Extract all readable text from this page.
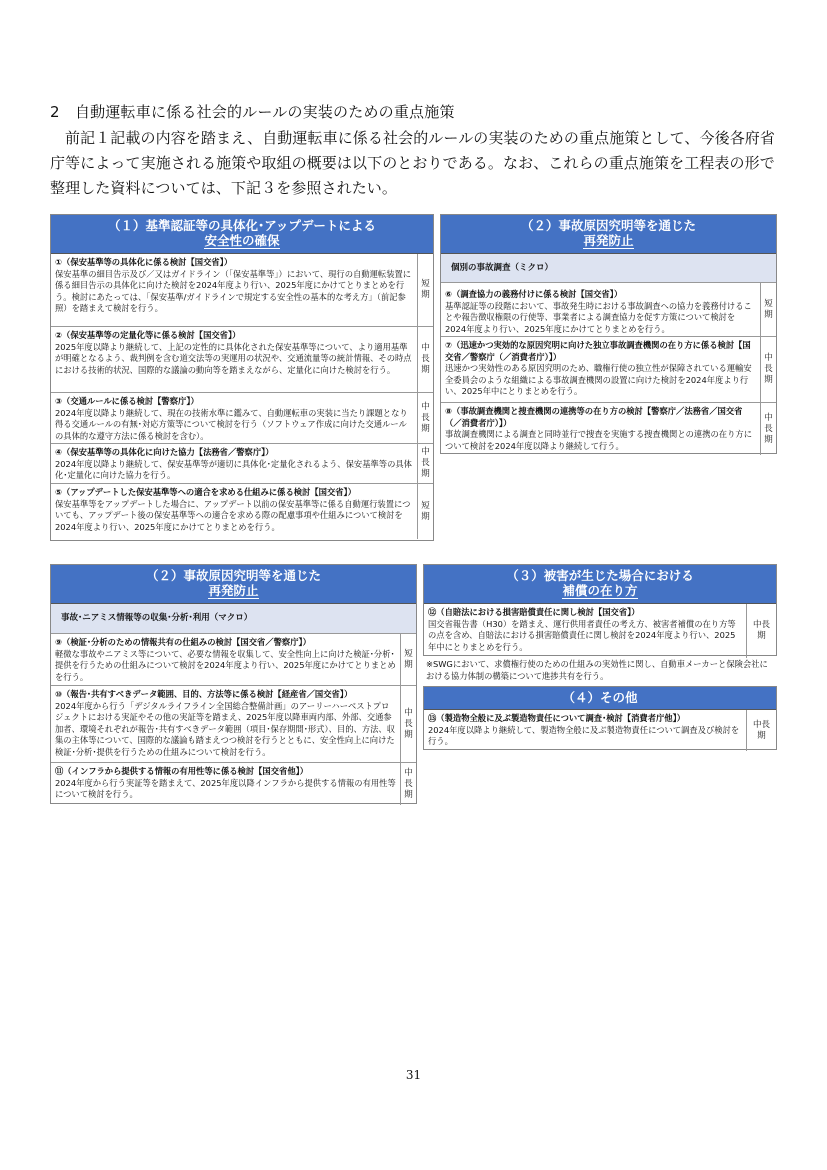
2　自動運転車に係る社会的ルールの実装のための重点施策
前記１記載の内容を踏まえ、自動運転車に係る社会的ルールの実装のための重点施策として、今後各府省庁等によって実施される施策や取組の概要は以下のとおりである。なお、これらの重点施策を工程表の形で整理した資料については、下記３を参照されたい。
（１）基準認証等の具体化･アップデートによる
安全性の確保
①（保安基準等の具体化に係る検討【国交省】）
保安基準の細目告示及び／又はガイドライン（「保安基準等」）において、現行の自動運転装置に係る細目告示の具体化に向けた検討を2024年度より行い、2025年度にかけてとりまとめを行う。検討にあたっては、「保安基準/ガイドラインで規定する安全性の基本的な考え方」（前記参照）を踏まえて検討を行う。
短期
②（保安基準等の定量化等に係る検討【国交省】）
2025年度以降より継続して、上記の定性的に具体化された保安基準等について、より適用基準が明確となるよう、裁判例を含む道交法等の実運用の状況や、交通流量等の統計情報、その時点における技術的状況、国際的な議論の動向等を踏まえながら、定量化に向けた検討を行う。
中長期
③（交通ルールに係る検討【警察庁】）
2024年度以降より継続して、現在の技術水準に鑑みて、自動運転車の実装に当たり課題となり得る交通ルールの有無･対応方策等について検討を行う（ソフトウェア作成に向けた交通ルールの具体的な遵守方法に係る検討を含む）。
中長期
④（保安基準等の具体化に向けた協力【法務省／警察庁】）
2024年度以降より継続して、保安基準等が適切に具体化･定量化されるよう、保安基準等の具体化･定量化に向けた協力を行う。
中長期
⑤（アップデートした保安基準等への適合を求める仕組みに係る検討【国交省】）
保安基準等をアップデートした場合に、アップデート以前の保安基準等に係る自動運行装置についても、アップデート後の保安基準等への適合を求める際の配慮事項や仕組みについて検討を2024年度より行い、2025年度にかけてとりまとめを行う。
短期
（２）事故原因究明等を通じた
再発防止
個別の事故調査（ミクロ）
⑥（調査協力の義務付けに係る検討【国交省】）
基準認証等の段階において、事故発生時における事故調査への協力を義務付けることや報告徴収権限の行使等、事業者による調査協力を促す方策について検討を2024年度より行い、2025年度にかけてとりまとめを行う。
短期
⑦（迅速かつ実効的な原因究明に向けた独立事故調査機関の在り方に係る検討【国交省／警察庁（／消費者庁）】）
迅速かつ実効性のある原因究明のため、職権行使の独立性が保障されている運輸安全委員会のような組織による事故調査機関の設置に向けた検討を2024年度より行い、2025年中にとりまとめを行う。
中長期
⑧（事故調査機関と捜査機関の連携等の在り方の検討【警察庁／法務省／国交省（／消費者庁）】）
事故調査機関による調査と同時並行で捜査を実施する捜査機関との連携の在り方について検討を2024年度以降より継続して行う。
中長期
（２）事故原因究明等を通じた
再発防止
事故･ニアミス情報等の収集･分析･利用（マクロ）
⑨（検証･分析のための情報共有の仕組みの検討【国交省／警察庁】）
軽微な事故やニアミス等について、必要な情報を収集して、安全性向上に向けた検証･分析･提供を行うための仕組みについて検討を2024年度より行い、2025年度にかけてとりまとめを行う。
短期
⑩（報告･共有すべきデータ範囲、目的、方法等に係る検討【経産省／国交省】）
2024年度から行う「デジタルライフライン全国総合整備計画」のアーリーハーベストプロジェクトにおける実証やその他の実証等を踏まえ、2025年度以降車両内部、外部、交通参加者、環境それぞれが報告･共有すべきデータ範囲（項目･保存期間･形式）、目的、方法、収集の主体等について、国際的な議論も踏まえつつ検討を行うとともに、安全性向上に向けた検証･分析･提供を行うための仕組みについて検討を行う。
中長期
⑪（インフラから提供する情報の有用性等に係る検討【国交省他】）
2024年度から行う実証等を踏まえて、2025年度以降インフラから提供する情報の有用性等について検討を行う。
中長期
（３）被害が生じた場合における
補償の在り方
⑫（自賠法における損害賠償責任に関し検討【国交省】）
国交省報告書（H30）を踏まえ、運行供用者責任の考え方、被害者補償の在り方等の点を含め、自賠法における損害賠償責任に関し検討を2024年度より行い、2025年中にとりまとめを行う。
中長期
※SWGにおいて、求償権行使のための仕組みの実効性に関し、自動車メーカーと保険会社における協力体制の構築について進捗共有を行う。
（４）その他
⑬（製造物全般に及ぶ製造物責任について調査･検討【消費者庁他】）
2024年度以降より継続して、製造物全般に及ぶ製造物責任について調査及び検討を行う。
中長期
31
